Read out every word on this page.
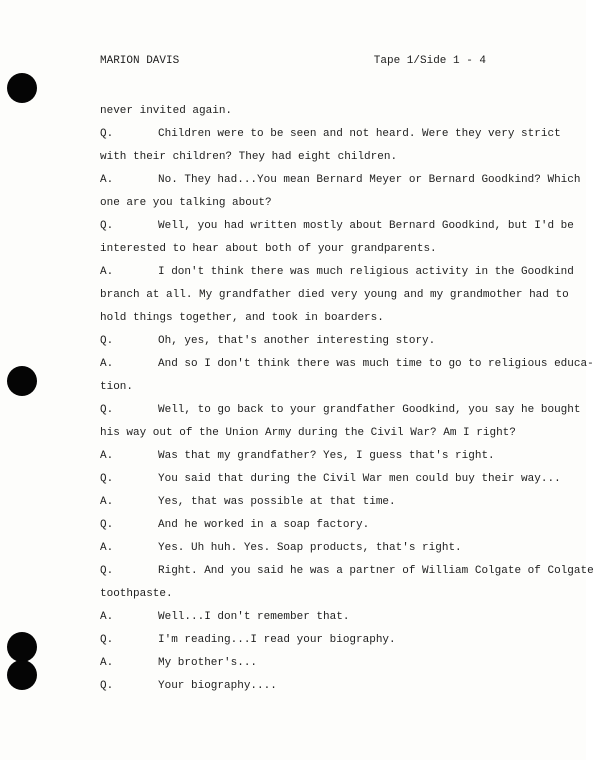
MARION DAVIS	Tape 1/Side 1 - 4
never invited again.
Q.	Children were to be seen and not heard. Were they very strict
with their children? They had eight children.
A.	No. They had...You mean Bernard Meyer or Bernard Goodkind? Which
one are you talking about?
Q.	Well, you had written mostly about Bernard Goodkind, but I'd be
interested to hear about both of your grandparents.
A.	I don't think there was much religious activity in the Goodkind
branch at all. My grandfather died very young and my grandmother had to
hold things together, and took in boarders.
Q.	Oh, yes, that's another interesting story.
A.	And so I don't think there was much time to go to religious educa-
tion.
Q.	Well, to go back to your grandfather Goodkind, you say he bought
his way out of the Union Army during the Civil War? Am I right?
A.	Was that my grandfather? Yes, I guess that's right.
Q.	You said that during the Civil War men could buy their way...
A.	Yes, that was possible at that time.
Q.	And he worked in a soap factory.
A.	Yes. Uh huh. Yes. Soap products, that's right.
Q.	Right. And you said he was a partner of William Colgate of Colgate
toothpaste.
A.	Well...I don't remember that.
Q.	I'm reading...I read your biography.
A.	My brother's...
Q.	Your biography....
